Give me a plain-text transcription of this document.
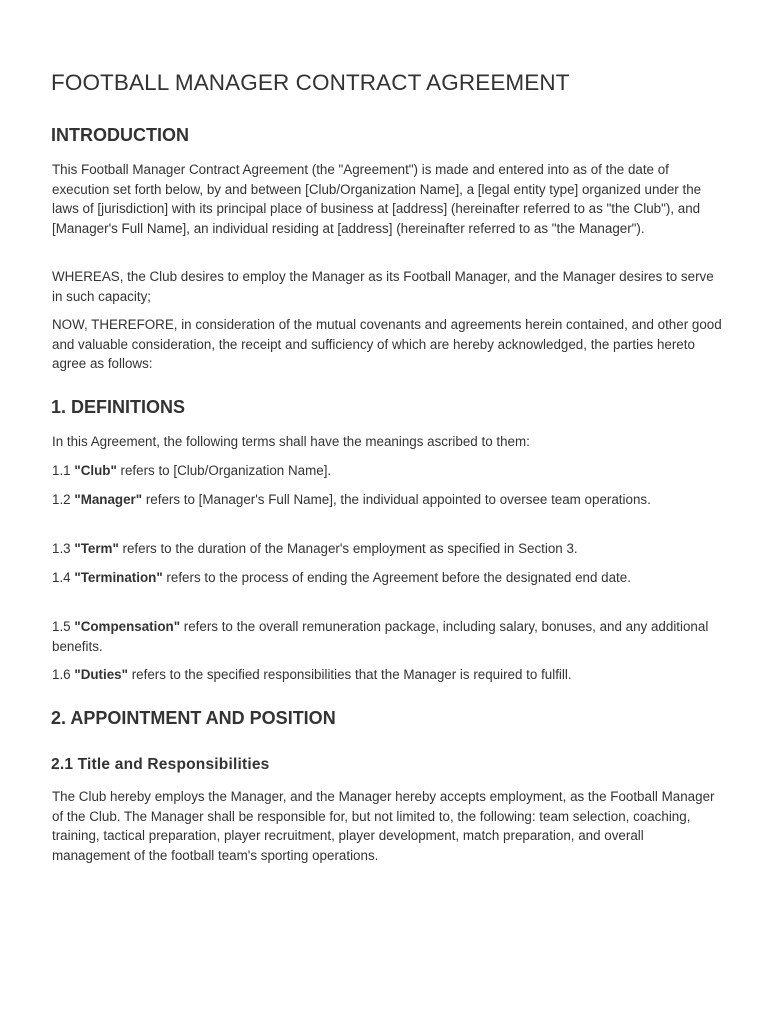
FOOTBALL MANAGER CONTRACT AGREEMENT
INTRODUCTION

This Football Manager Contract Agreement (the "Agreement") is made and entered into as of the date of execution set forth below, by and between [Club/Organization Name], a [legal entity type] organized under the laws of [jurisdiction] with its principal place of business at [address] (hereinafter referred to as "the Club"), and [Manager's Full Name], an individual residing at [address] (hereinafter referred to as "the Manager").

WHEREAS, the Club desires to employ the Manager as its Football Manager, and the Manager desires to serve in such capacity;

NOW, THEREFORE, in consideration of the mutual covenants and agreements herein contained, and other good and valuable consideration, the receipt and sufficiency of which are hereby acknowledged, the parties hereto agree as follows:

1. DEFINITIONS

In this Agreement, the following terms shall have the meanings ascribed to them:

1.1 "Club" refers to [Club/Organization Name].

1.2 "Manager" refers to [Manager's Full Name], the individual appointed to oversee team operations.

1.3 "Term" refers to the duration of the Manager's employment as specified in Section 3.

1.4 "Termination" refers to the process of ending the Agreement before the designated end date.

1.5 "Compensation" refers to the overall remuneration package, including salary, bonuses, and any additional benefits.

1.6 "Duties" refers to the specified responsibilities that the Manager is required to fulfill.

2. APPOINTMENT AND POSITION
2.1 Title and Responsibilities

The Club hereby employs the Manager, and the Manager hereby accepts employment, as the Football Manager of the Club. The Manager shall be responsible for, but not limited to, the following: team selection, coaching, training, tactical preparation, player recruitment, player development, match preparation, and overall management of the football team's sporting operations.
